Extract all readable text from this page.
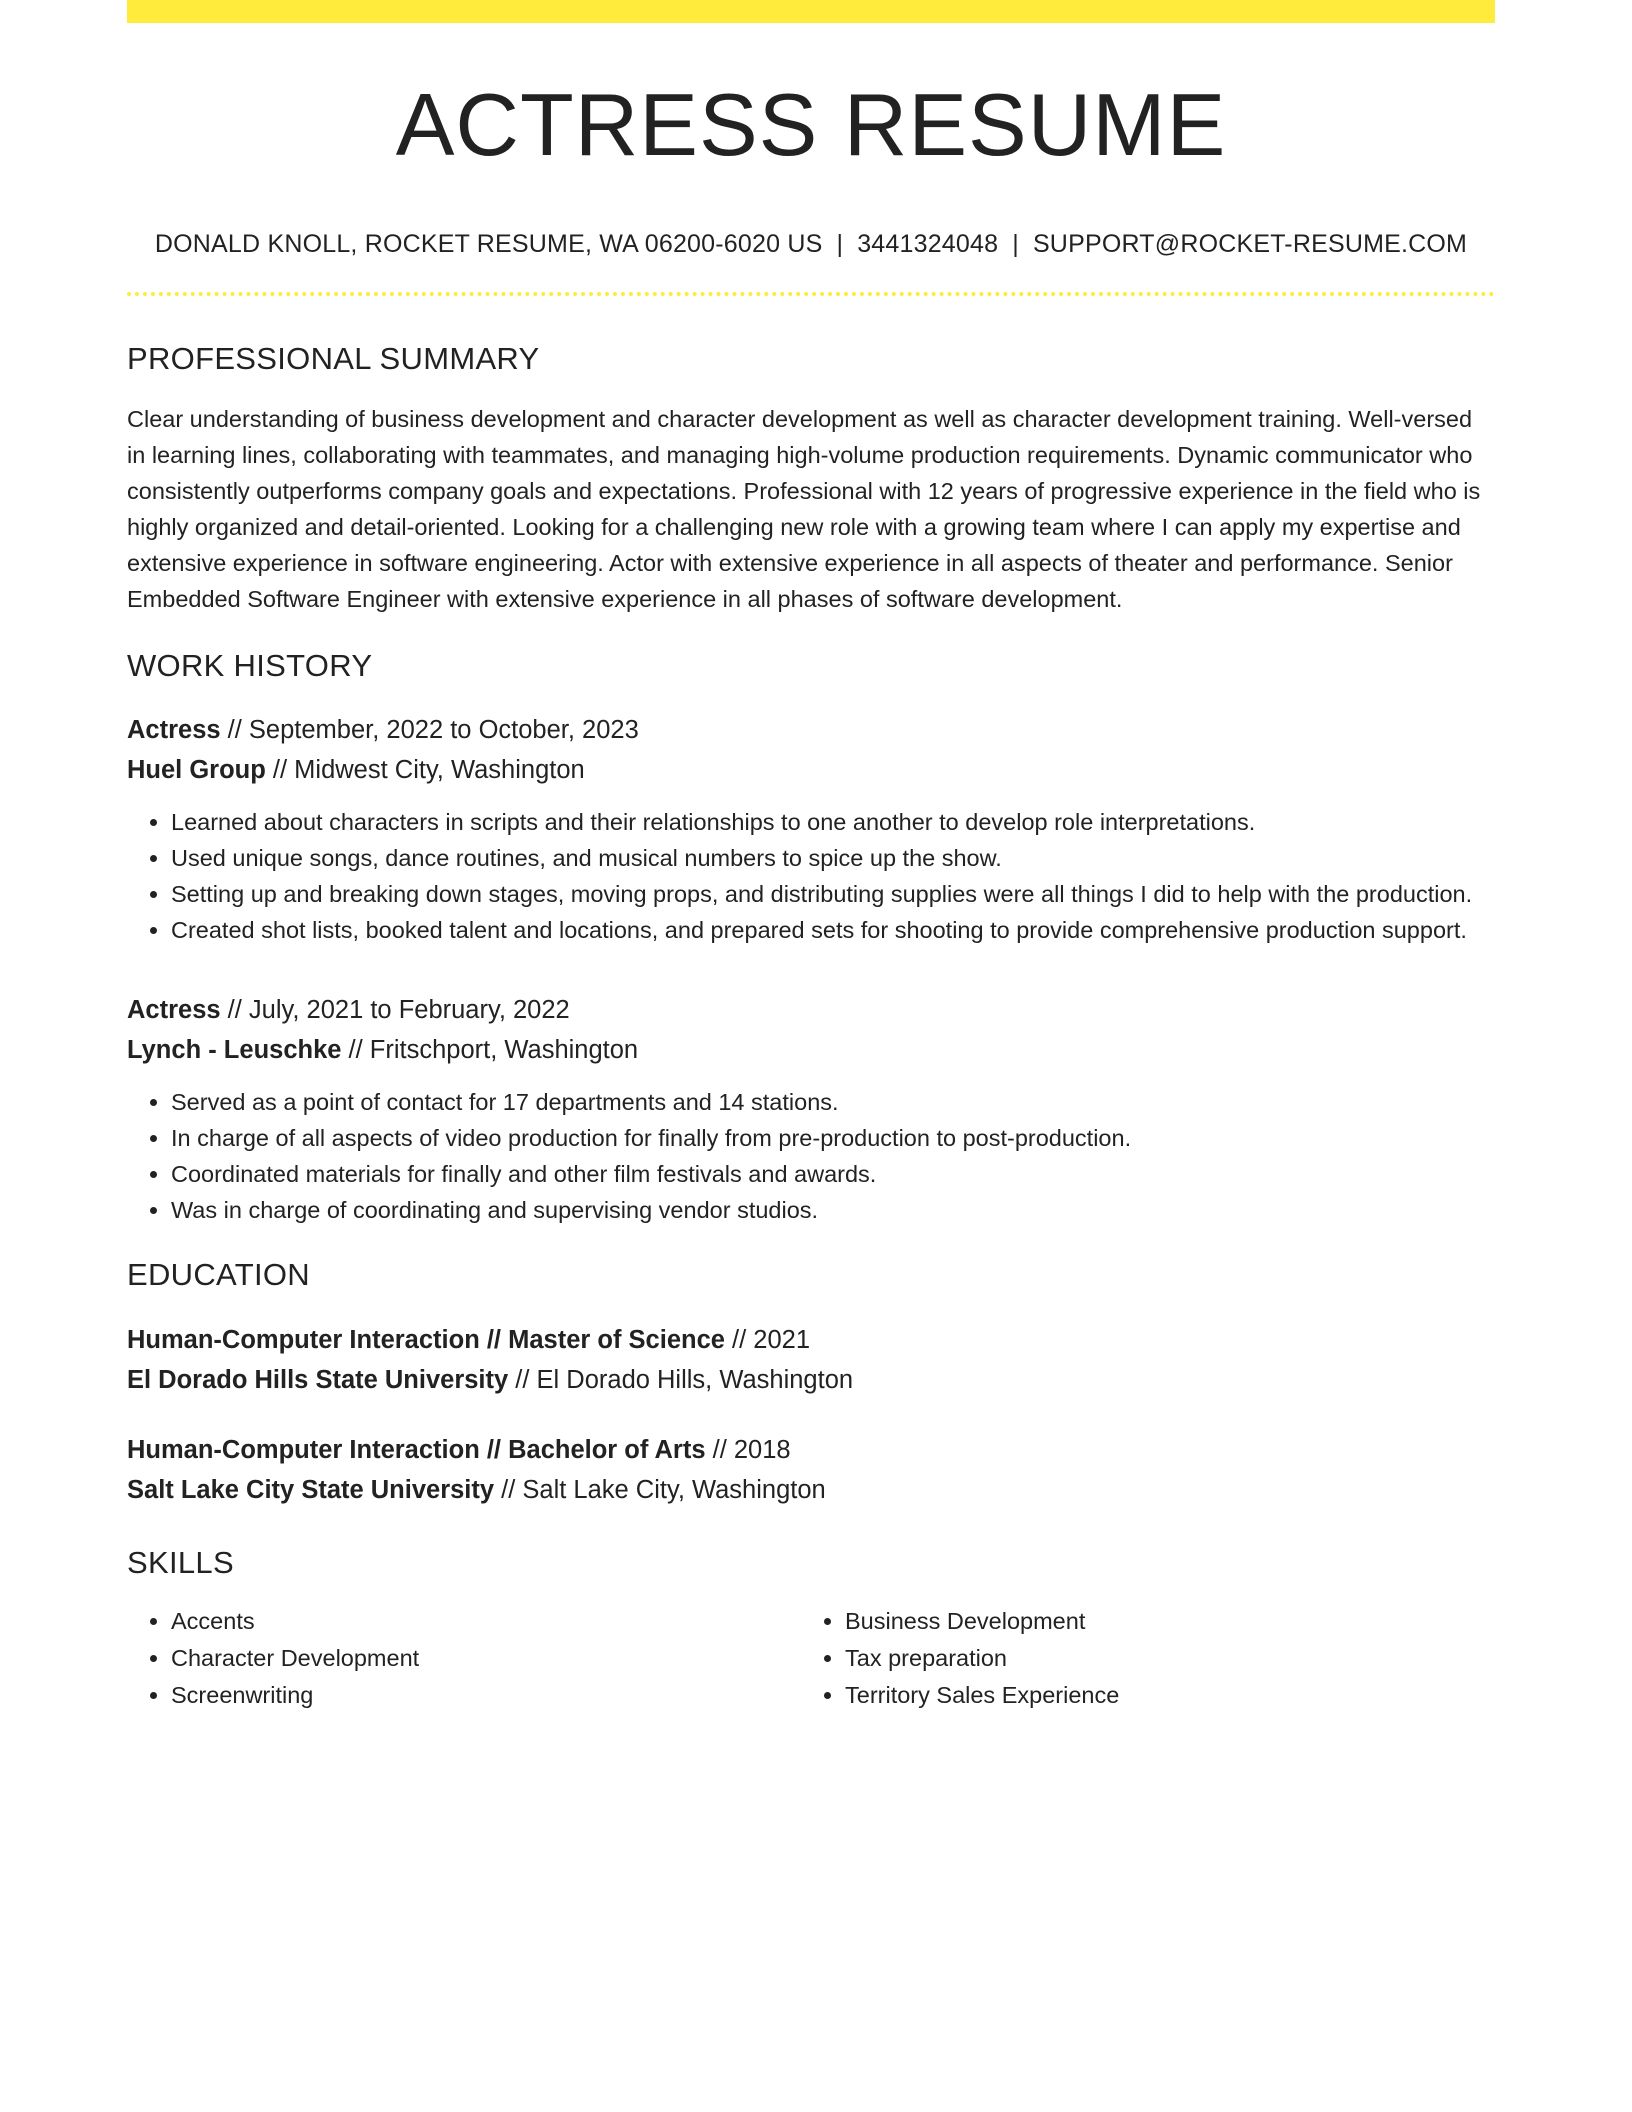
ACTRESS RESUME
DONALD KNOLL, ROCKET RESUME, WA 06200-6020 US | 3441324048 | SUPPORT@ROCKET-RESUME.COM
PROFESSIONAL SUMMARY

Clear understanding of business development and character development as well as character development training. Well-versed in learning lines, collaborating with teammates, and managing high-volume production requirements. Dynamic communicator who consistently outperforms company goals and expectations. Professional with 12 years of progressive experience in the field who is highly organized and detail-oriented. Looking for a challenging new role with a growing team where I can apply my expertise and extensive experience in software engineering. Actor with extensive experience in all aspects of theater and performance. Senior Embedded Software Engineer with extensive experience in all phases of software development.

WORK HISTORY
Actress // September, 2022 to October, 2023
Huel Group // Midwest City, Washington
• Learned about characters in scripts and their relationships to one another to develop role interpretations.
• Used unique songs, dance routines, and musical numbers to spice up the show.
• Setting up and breaking down stages, moving props, and distributing supplies were all things I did to help with the production.
• Created shot lists, booked talent and locations, and prepared sets for shooting to provide comprehensive production support.
Actress // July, 2021 to February, 2022
Lynch - Leuschke // Fritschport, Washington
• Served as a point of contact for 17 departments and 14 stations.
• In charge of all aspects of video production for finally from pre-production to post-production.
• Coordinated materials for finally and other film festivals and awards.
• Was in charge of coordinating and supervising vendor studios.
EDUCATION
Human-Computer Interaction // Master of Science // 2021
El Dorado Hills State University // El Dorado Hills, Washington
Human-Computer Interaction // Bachelor of Arts // 2018
Salt Lake City State University // Salt Lake City, Washington
SKILLS
• Accents
• Character Development
• Screenwriting
• Business Development
• Tax preparation
• Territory Sales Experience
